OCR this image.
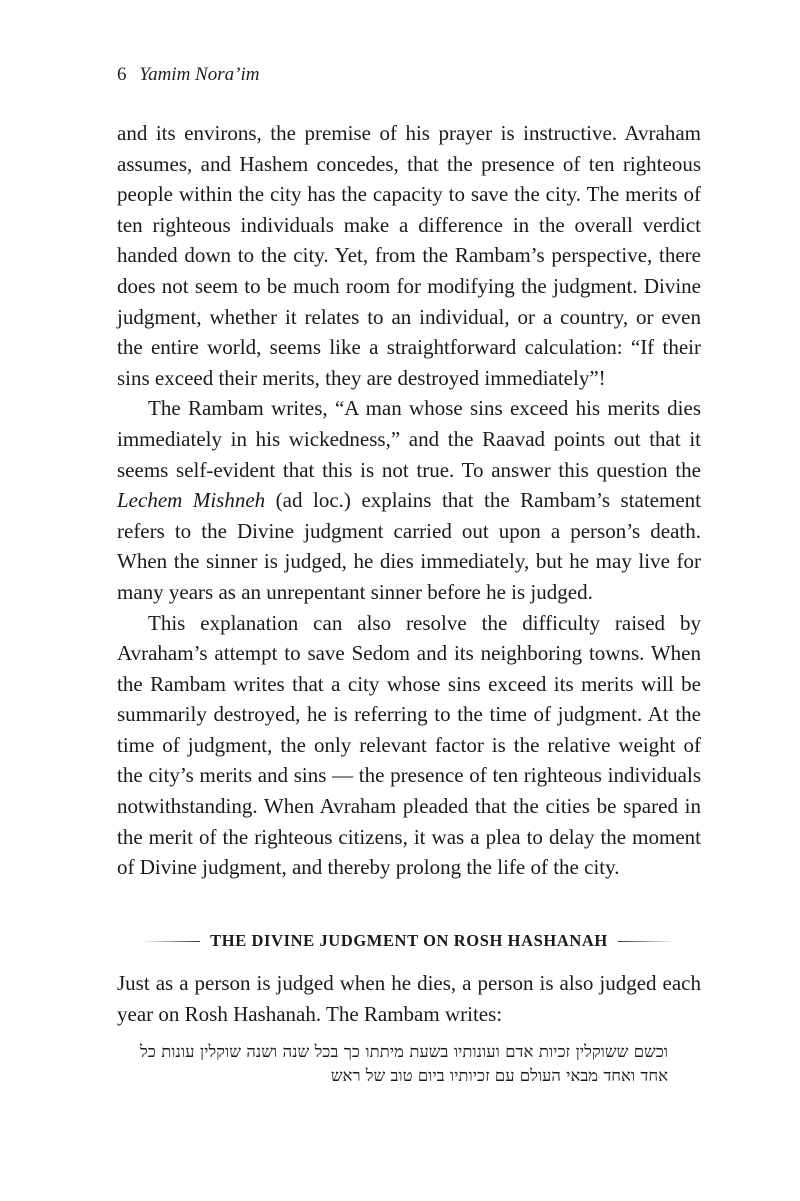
6 Yamim Nora’im

and its environs, the premise of his prayer is instructive. Avraham assumes, and Hashem concedes, that the presence of ten righteous people within the city has the capacity to save the city. The merits of ten righteous individuals make a difference in the overall verdict handed down to the city. Yet, from the Rambam’s perspective, there does not seem to be much room for modifying the judgment. Divine judgment, whether it relates to an individual, or a country, or even the entire world, seems like a straightforward calculation: “If their sins exceed their merits, they are destroyed immediately”!

The Rambam writes, “A man whose sins exceed his merits dies immediately in his wickedness,” and the Raavad points out that it seems self-evident that this is not true. To answer this question the Lechem Mishneh (ad loc.) explains that the Rambam’s statement refers to the Divine judgment carried out upon a person’s death. When the sinner is judged, he dies immediately, but he may live for many years as an unrepentant sinner before he is judged.

This explanation can also resolve the difficulty raised by Avraham’s attempt to save Sedom and its neighboring towns. When the Rambam writes that a city whose sins exceed its merits will be summarily destroyed, he is referring to the time of judgment. At the time of judgment, the only relevant factor is the relative weight of the city’s merits and sins — the presence of ten righteous individuals notwithstanding. When Avraham pleaded that the cities be spared in the merit of the righteous citizens, it was a plea to delay the moment of Divine judgment, and thereby prolong the life of the city.

THE DIVINE JUDGMENT ON ROSH HASHANAH

Just as a person is judged when he dies, a person is also judged each year on Rosh Hashanah. The Rambam writes:

וכשם ששוקלין זכיות אדם ועונותיו בשעת מיתתו כך בכל שנה ושנה שוקלין עונות כל אחד ואחד מבאי העולם עם זכיותיו ביום טוב של ראש
